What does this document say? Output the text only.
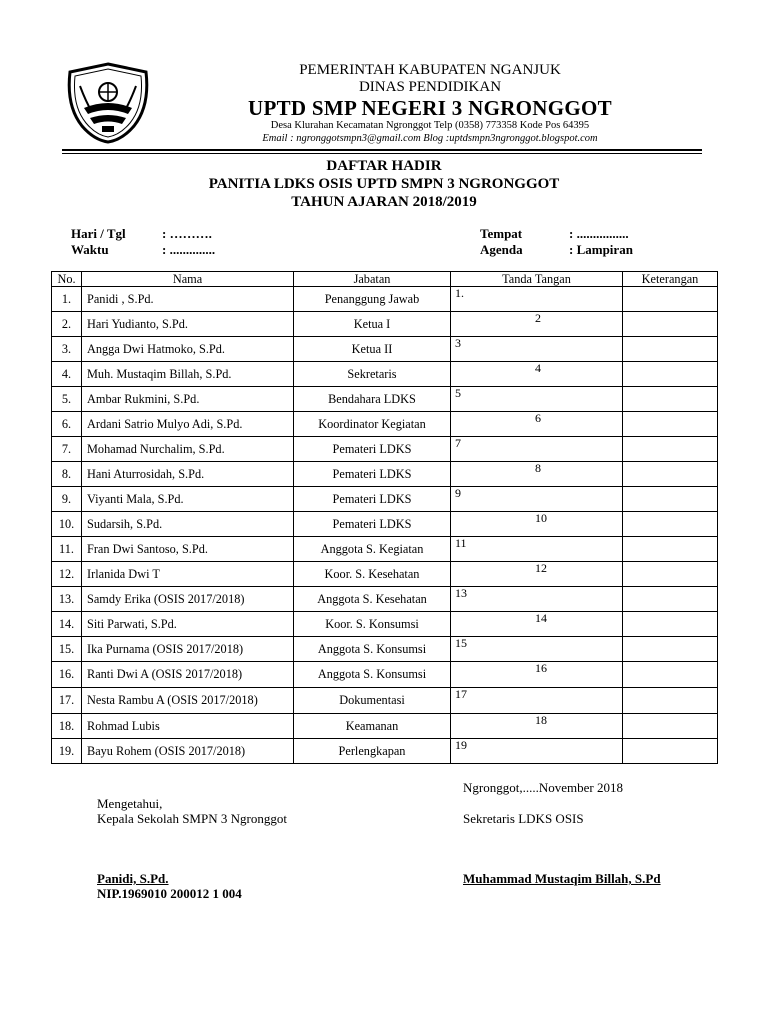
PEMERINTAH KABUPATEN NGANJUK
DINAS PENDIDIKAN
UPTD SMP NEGERI 3 NGRONGGOT
Desa Klurahan Kecamatan Ngronggot Telp (0358) 773358 Kode Pos 64395
Email : ngronggotsmpn3@gmail.com Blog :uptdsmpn3ngronggot.blogspot.com
DAFTAR HADIR
PANITIA LDKS OSIS UPTD SMPN 3 NGRONGGOT
TAHUN AJARAN 2018/2019
Hari / Tgl	: ……….
Waktu	: ..............
Tempat	: ................
Agenda	: Lampiran
No.	Nama	Jabatan	Tanda Tangan	Keterangan
1.	Panidi , S.Pd.	Penanggung Jawab	1.	

2.	Hari Yudianto, S.Pd.	Ketua I	2	

3.	Angga Dwi Hatmoko, S.Pd.	Ketua II	3	

4.	Muh. Mustaqim Billah, S.Pd.	Sekretaris	4	

5.	Ambar Rukmini, S.Pd.	Bendahara LDKS	5	

6.	Ardani Satrio Mulyo Adi, S.Pd.	Koordinator Kegiatan	6	

7.	Mohamad Nurchalim, S.Pd.	Pemateri LDKS	7	

8.	Hani Aturrosidah, S.Pd.	Pemateri LDKS	8	

9.	Viyanti Mala, S.Pd.	Pemateri LDKS	9	

10.	Sudarsih, S.Pd.	Pemateri LDKS	10	

11.	Fran Dwi Santoso, S.Pd.	Anggota S. Kegiatan	11	

12.	Irlanida Dwi T	Koor. S. Kesehatan	12	

13.	Samdy Erika (OSIS 2017/2018)	Anggota S. Kesehatan	13	

14.	Siti Parwati, S.Pd.	Koor. S. Konsumsi	14	

15.	Ika Purnama (OSIS 2017/2018)	Anggota S. Konsumsi	15	

16.	Ranti Dwi A (OSIS 2017/2018)	Anggota S. Konsumsi	16	

17.	Nesta Rambu A (OSIS 2017/2018)	Dokumentasi	17	

18.	Rohmad Lubis	Keamanan	18	

19.	Bayu Rohem (OSIS 2017/2018)	Perlengkapan	19	

Ngronggot,.....November 2018
Mengetahui,
Kepala Sekolah SMPN 3 Ngronggot	Sekretaris LDKS OSIS
Panidi, S.Pd.
NIP.1969010 200012 1 004
Muhammad Mustaqim Billah, S.Pd
